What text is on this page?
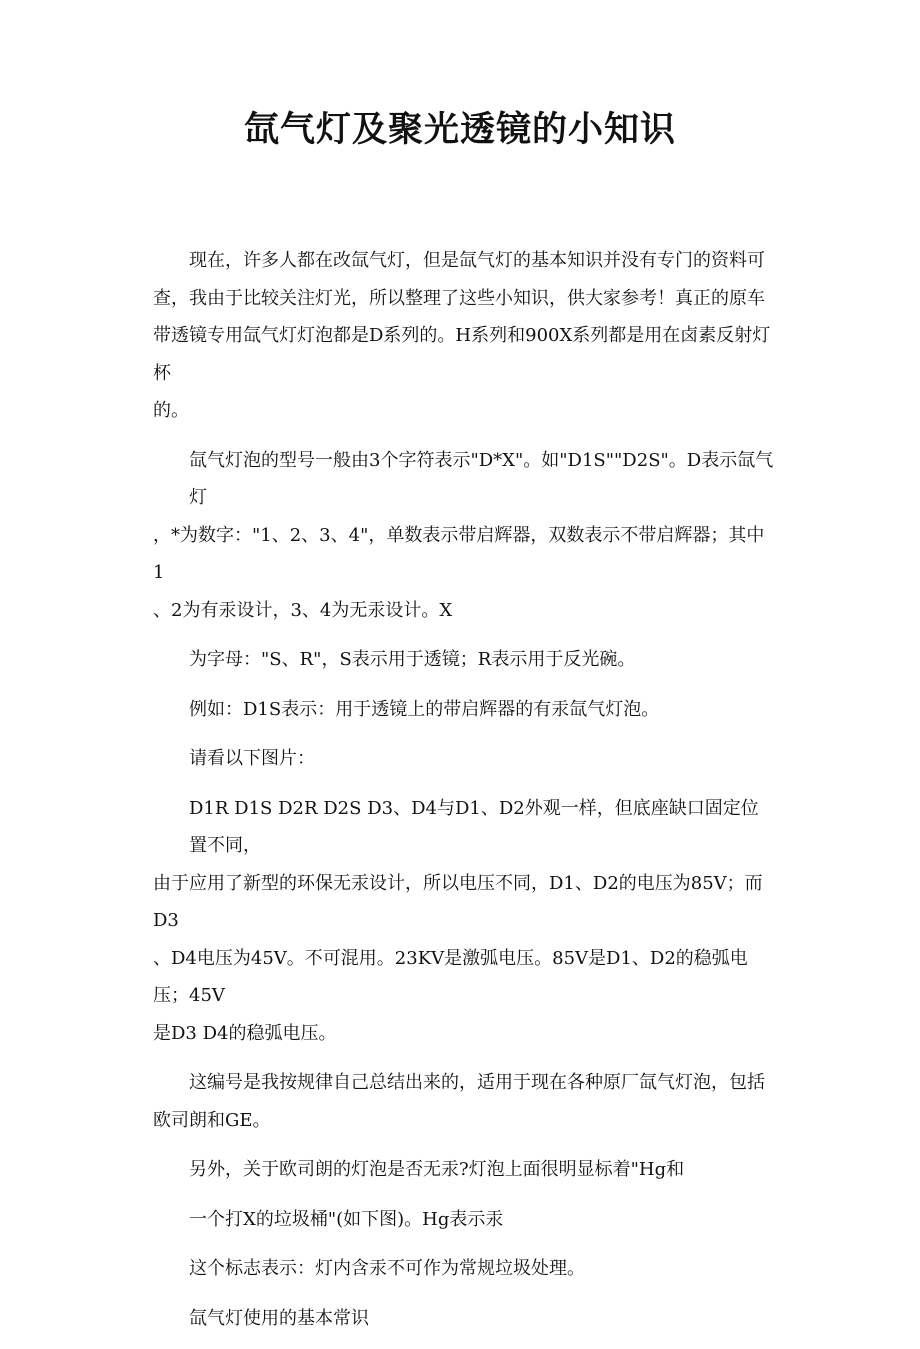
氙气灯及聚光透镜的小知识
现在，许多人都在改氙气灯，但是氙气灯的基本知识并没有专门的资料可
查，我由于比较关注灯光，所以整理了这些小知识，供大家参考！真正的原车
带透镜专用氙气灯灯泡都是D系列的。H系列和900X系列都是用在卤素反射灯杯
的。
氙气灯泡的型号一般由3个字符表示"D*X"。如"D1S""D2S"。D表示氙气灯
，*为数字："1、2、3、4"，单数表示带启辉器，双数表示不带启辉器；其中1
、2为有汞设计，3、4为无汞设计。X
为字母："S、R"，S表示用于透镜；R表示用于反光碗。
例如：D1S表示：用于透镜上的带启辉器的有汞氙气灯泡。
请看以下图片：
D1R D1S D2R D2S D3、D4与D1、D2外观一样，但底座缺口固定位置不同，
由于应用了新型的环保无汞设计，所以电压不同，D1、D2的电压为85V；而D3
、D4电压为45V。不可混用。23KV是激弧电压。85V是D1、D2的稳弧电压；45V
是D3 D4的稳弧电压。
这编号是我按规律自己总结出来的，适用于现在各种原厂氙气灯泡，包括
欧司朗和GE。
另外，关于欧司朗的灯泡是否无汞?灯泡上面很明显标着"Hg和
一个打X的垃圾桶"(如下图)。Hg表示汞
这个标志表示：灯内含汞不可作为常规垃圾处理。
氙气灯使用的基本常识
